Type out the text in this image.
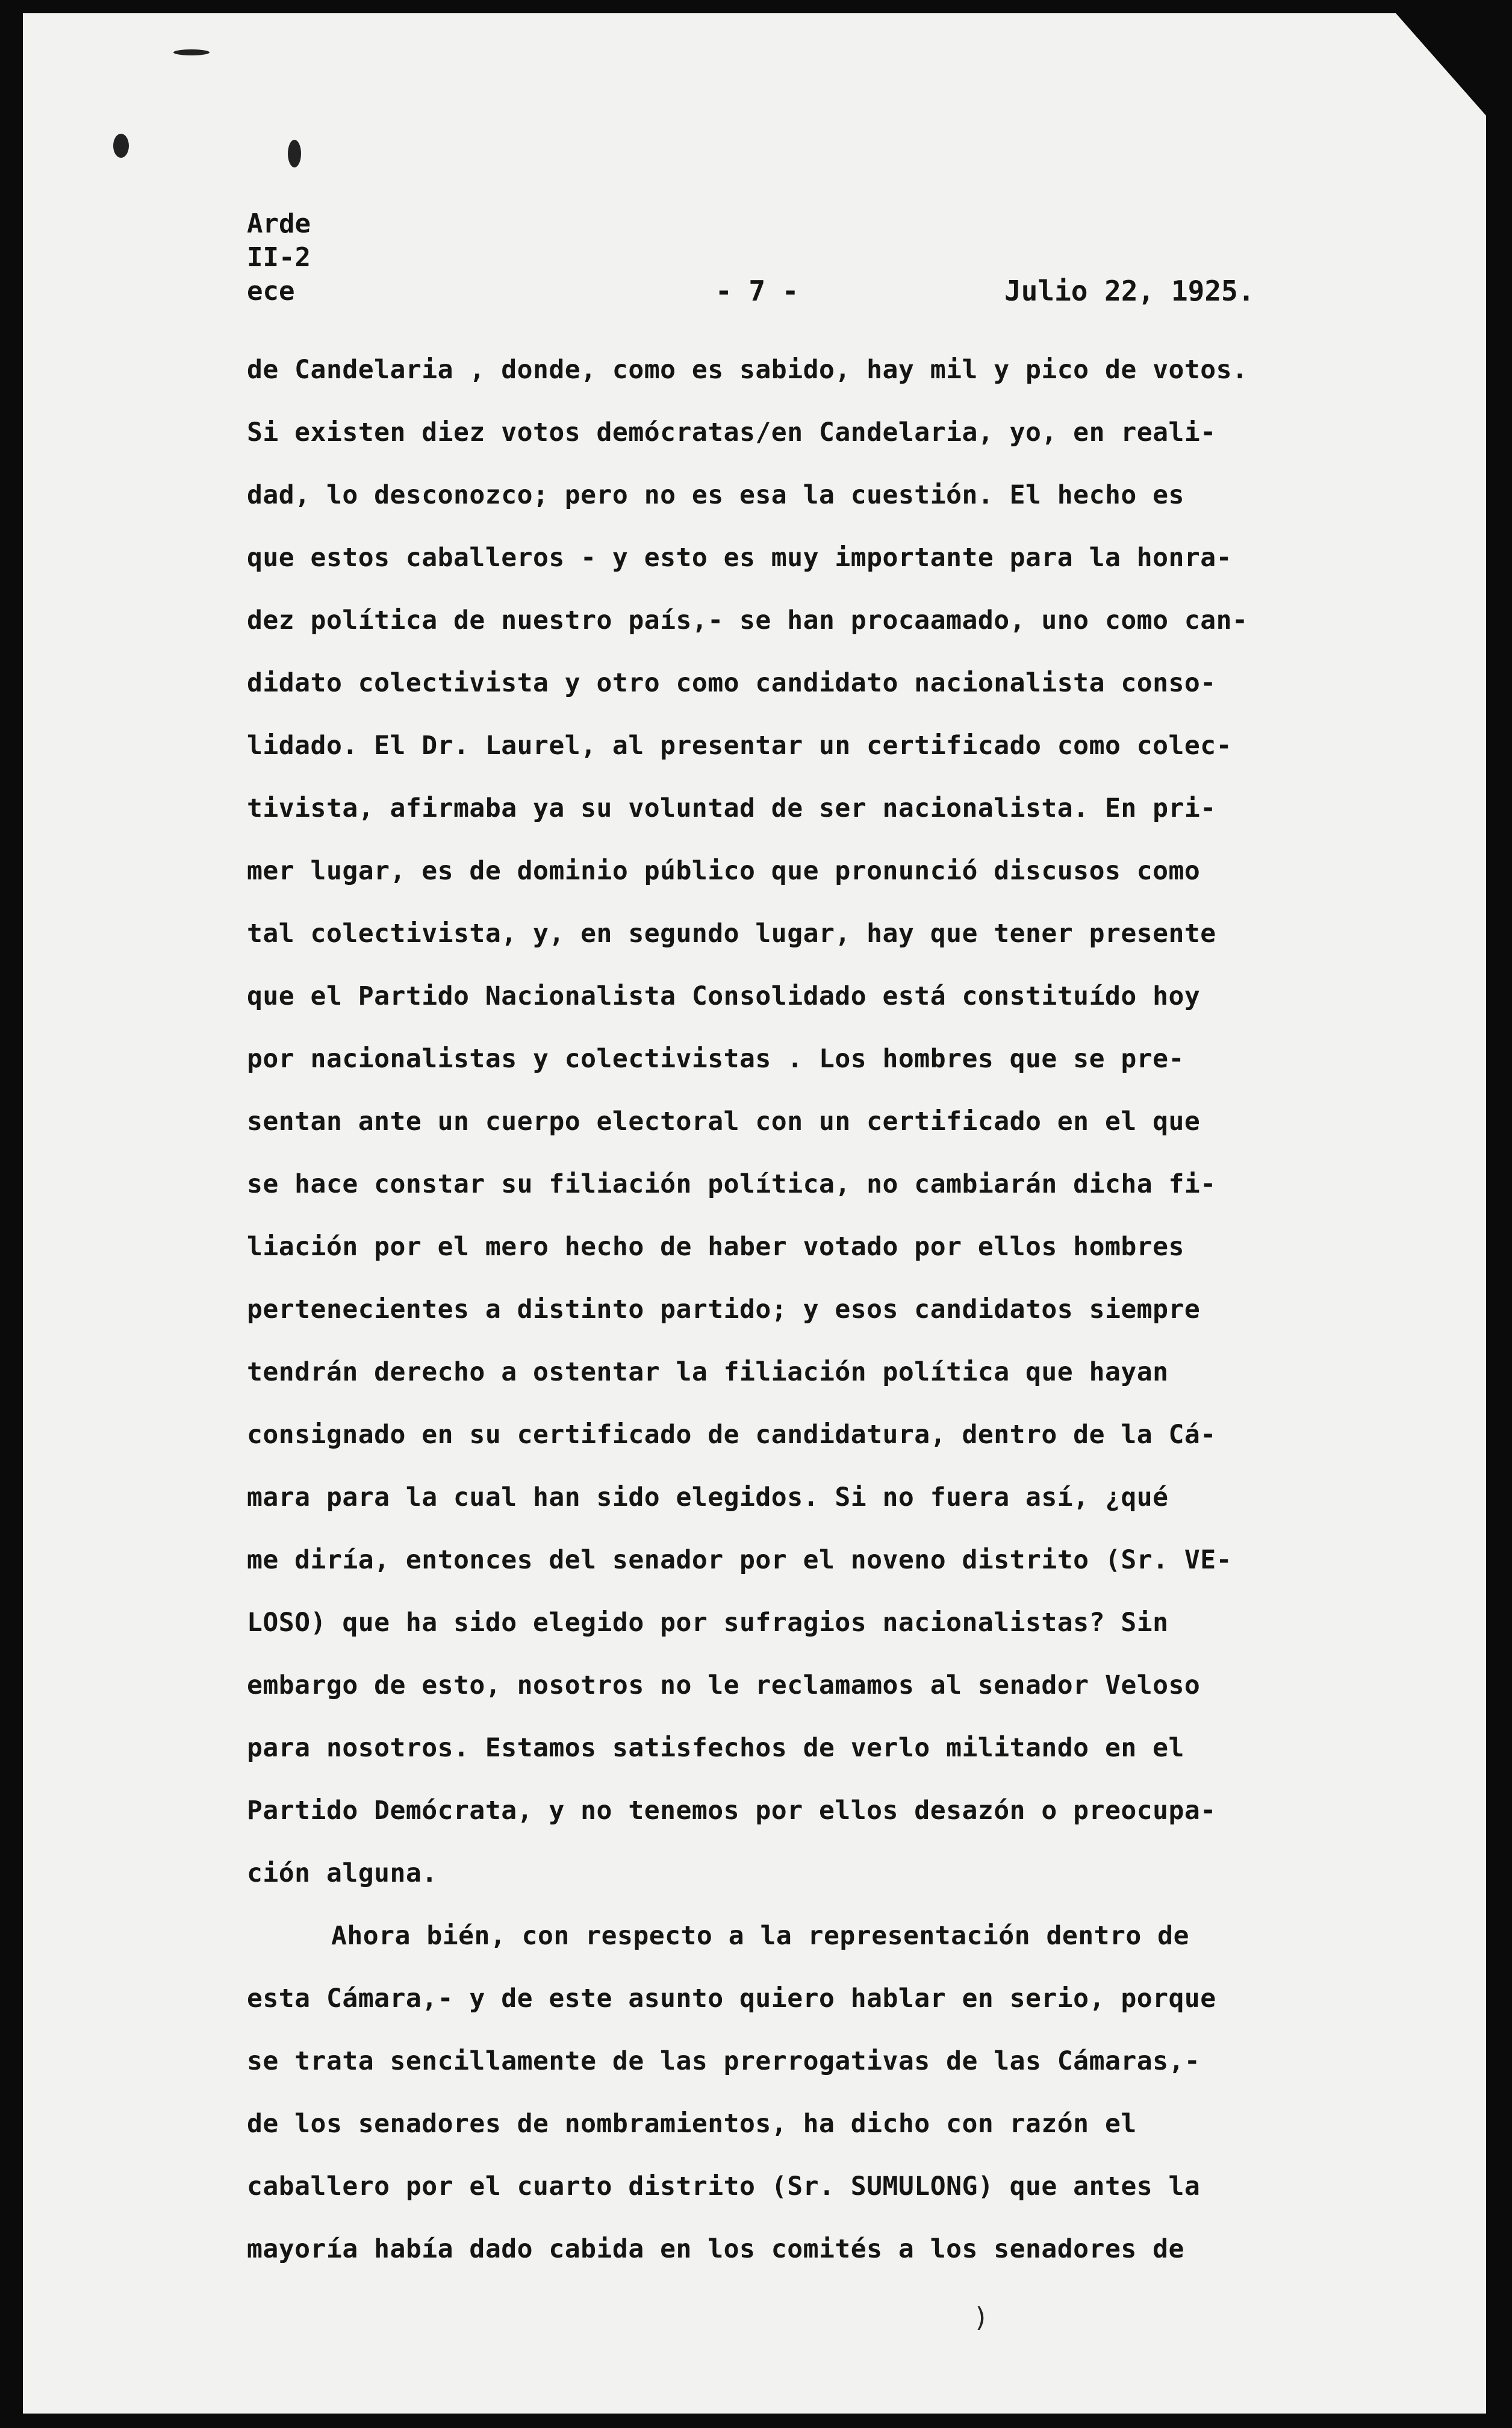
Arde
II-2
ece	- 7 -	Julio 22, 1925.
de Candelaria , donde, como es sabido, hay mil y pico de votos.
Si existen diez votos demócratas/en Candelaria, yo, en reali-
dad, lo desconozco; pero no es esa la cuestión. El hecho es
que estos caballeros - y esto es muy importante para la honra-
dez política de nuestro país,- se han procaamado, uno como can-
didato colectivista y otro como candidato nacionalista conso-
lidado. El Dr. Laurel, al presentar un certificado como colec-
tivista, afirmaba ya su voluntad de ser nacionalista. En pri-
mer lugar, es de dominio público que pronunció discusos como
tal colectivista, y, en segundo lugar, hay que tener presente
que el Partido Nacionalista Consolidado está constituído hoy
por nacionalistas y colectivistas . Los hombres que se pre-
sentan ante un cuerpo electoral con un certificado en el que
se hace constar su filiación política, no cambiarán dicha fi-
liación por el mero hecho de haber votado por ellos hombres
pertenecientes a distinto partido; y esos candidatos siempre
tendrán derecho a ostentar la filiación política que hayan
consignado en su certificado de candidatura, dentro de la Cá-
mara para la cual han sido elegidos. Si no fuera así, ¿qué
me diría, entonces del senador por el noveno distrito (Sr. VE-
LOSO) que ha sido elegido por sufragios nacionalistas? Sin
embargo de esto, nosotros no le reclamamos al senador Veloso
para nosotros. Estamos satisfechos de verlo militando en el
Partido Demócrata, y no tenemos por ellos desazón o preocupa-
ción alguna.
Ahora bién, con respecto a la representación dentro de
esta Cámara,- y de este asunto quiero hablar en serio, porque
se trata sencillamente de las prerrogativas de las Cámaras,-
de los senadores de nombramientos, ha dicho con razón el
caballero por el cuarto distrito (Sr. SUMULONG) que antes la
mayoría había dado cabida en los comités a los senadores de
)
